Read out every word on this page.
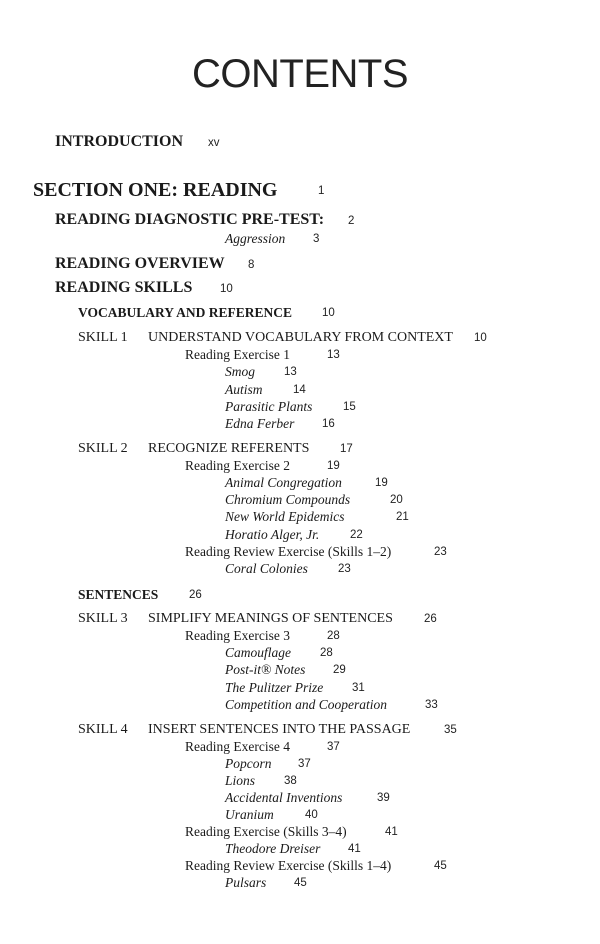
CONTENTS
INTRODUCTION xv
SECTION ONE: READING	1
READING DIAGNOSTIC PRE-TEST: 2
Aggression 3
READING OVERVIEW 8
READING SKILLS 10
VOCABULARY AND REFERENCE	10
SKILL 1 UNDERSTAND VOCABULARY FROM CONTEXT 10
Reading Exercise 1	13
Smog	13
Autism	14
Parasitic Plants	15
Edna Ferber 16
SKILL 2 RECOGNIZE REFERENTS	17
Reading Exercise 2	19
Animal Congregation	19
Chromium Compounds	20
New World Epidemics	21
Horatio Alger, Jr.	22
Reading Review Exercise (Skills 1–2)	23
Coral Colonies	23
SENTENCES	26
SKILL 3 SIMPLIFY MEANINGS OF SENTENCES	26
Reading Exercise 3	28
Camouflage	28
Post-it® Notes 29
The Pulitzer Prize	31
Competition and Cooperation	33
SKILL 4 INSERT SENTENCES INTO THE PASSAGE	35
Reading Exercise 4	37
Popcorn 37
Lions	38
Accidental Inventions	39
Uranium	40
Reading Exercise (Skills 3–4)	41
Theodore Dreiser 41
Reading Review Exercise (Skills 1–4)	45
Pulsars 45
